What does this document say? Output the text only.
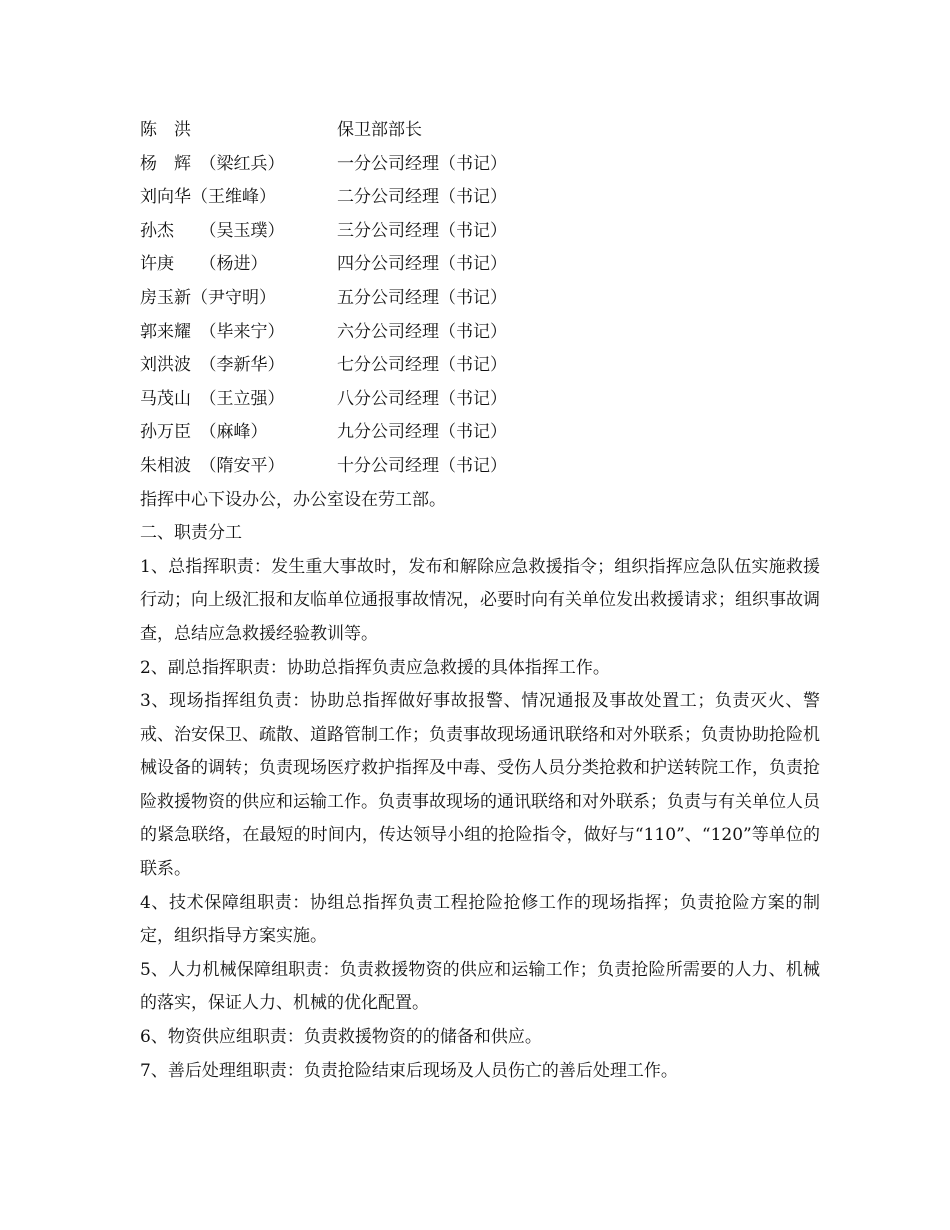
陈　洪	保卫部部长
杨　辉　（梁红兵）	一分公司经理（书记）
刘向华（王维峰）	二分公司经理（书记）
孙杰　　（吴玉璞）	三分公司经理（书记）
许庚　　（杨进）	四分公司经理（书记）
房玉新（尹守明）	五分公司经理（书记）
郭来耀　（毕来宁）	六分公司经理（书记）
刘洪波　（李新华）	七分公司经理（书记）
马茂山　（王立强）	八分公司经理（书记）
孙万臣　（麻峰）	九分公司经理（书记）
朱相波　（隋安平）	十分公司经理（书记）

指挥中心下设办公，办公室设在劳工部。

二、职责分工

1、总指挥职责：发生重大事故时，发布和解除应急救援指令；组织指挥应急队伍实施救援行动；向上级汇报和友临单位通报事故情况，必要时向有关单位发出救援请求；组织事故调查，总结应急救援经验教训等。

2、副总指挥职责：协助总指挥负责应急救援的具体指挥工作。

3、现场指挥组负责：协助总指挥做好事故报警、情况通报及事故处置工；负责灭火、警戒、治安保卫、疏散、道路管制工作；负责事故现场通讯联络和对外联系；负责协助抢险机械设备的调转；负责现场医疗救护指挥及中毒、受伤人员分类抢救和护送转院工作，负责抢险救援物资的供应和运输工作。负责事故现场的通讯联络和对外联系；负责与有关单位人员的紧急联络，在最短的时间内，传达领导小组的抢险指令，做好与“110”、“120”等单位的联系。

4、技术保障组职责：协组总指挥负责工程抢险抢修工作的现场指挥；负责抢险方案的制定，组织指导方案实施。

5、人力机械保障组职责：负责救援物资的供应和运输工作；负责抢险所需要的人力、机械的落实，保证人力、机械的优化配置。

6、物资供应组职责：负责救援物资的的储备和供应。

7、善后处理组职责：负责抢险结束后现场及人员伤亡的善后处理工作。
